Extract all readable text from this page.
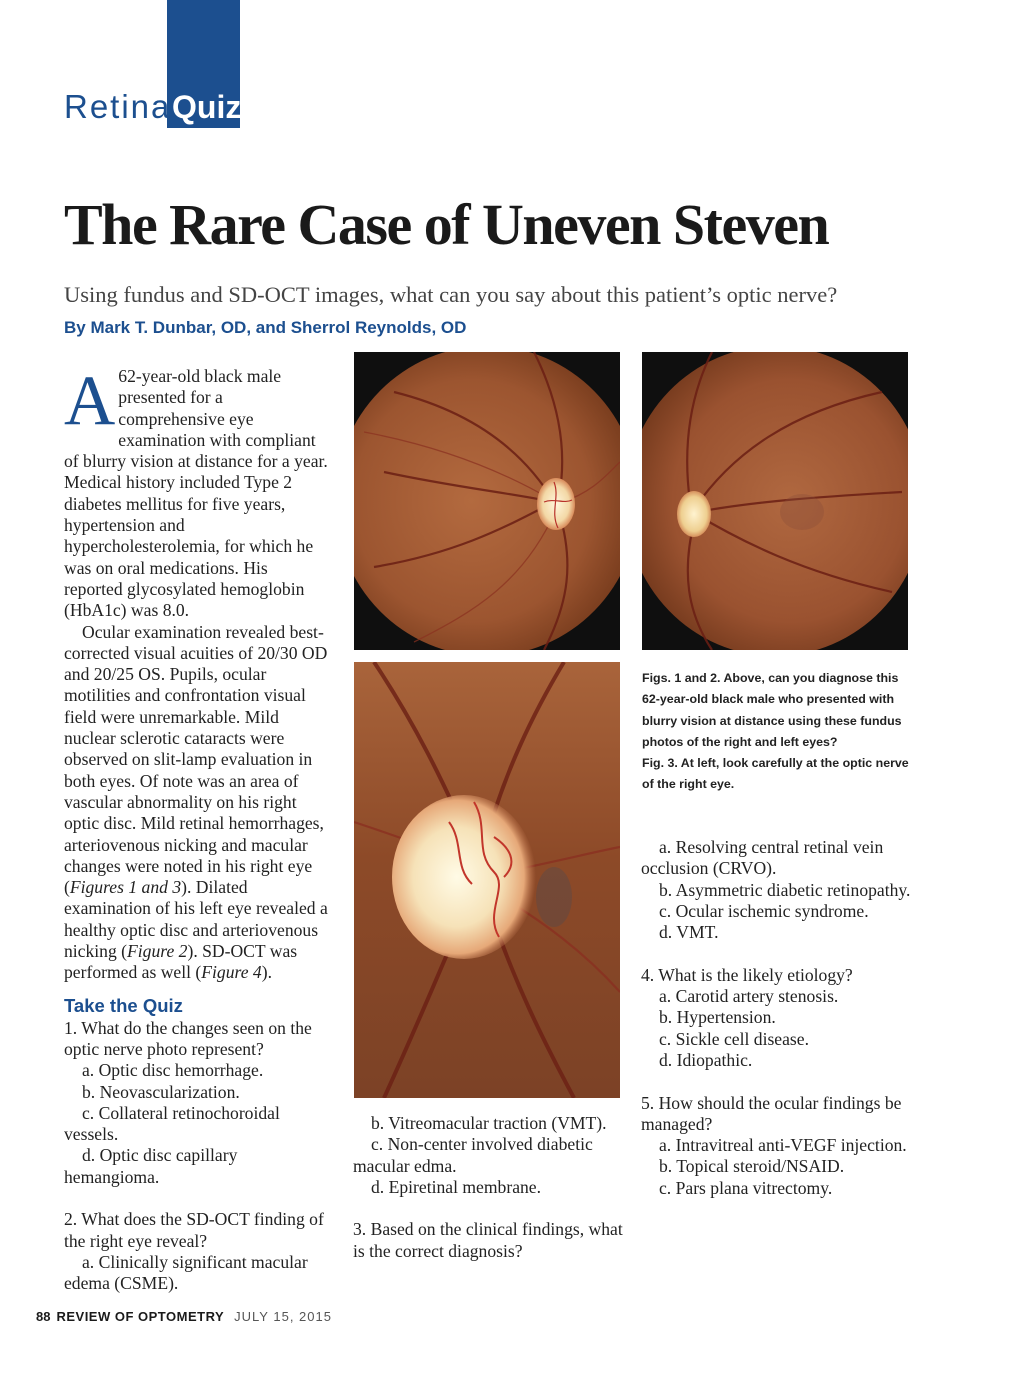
Retina Quiz
The Rare Case of Uneven Steven
Using fundus and SD-OCT images, what can you say about this patient’s optic nerve?
By Mark T. Dunbar, OD, and Sherrol Reynolds, OD

A 62-year-old black male presented for a comprehensive eye examination with compliant of blurry vision at distance for a year. Medical history included Type 2 diabetes mellitus for five years, hypertension and hypercholesterolemia, for which he was on oral medications. His reported glycosylated hemoglobin (HbA1c) was 8.0.

Ocular examination revealed best-corrected visual acuities of 20/30 OD and 20/25 OS. Pupils, ocular motilities and confrontation visual field were unremarkable. Mild nuclear sclerotic cataracts were observed on slit-lamp evaluation in both eyes. Of note was an area of vascular abnormality on his right optic disc. Mild retinal hemorrhages, arteriovenous nicking and macular changes were noted in his right eye (Figures 1 and 3). Dilated examination of his left eye revealed a healthy optic disc and arteriovenous nicking (Figure 2). SD-OCT was performed as well (Figure 4).

Take the Quiz

1. What do the changes seen on the optic nerve photo represent?

a. Optic disc hemorrhage.

b. Neovascularization.

c. Collateral retinochoroidal vessels.

d. Optic disc capillary hemangioma.

2. What does the SD-OCT finding of the right eye reveal?

a. Clinically significant macular edema (CSME).

b. Vitreomacular traction (VMT).

c. Non-center involved diabetic macular edma.

d. Epiretinal membrane.

3. Based on the clinical findings, what is the correct diagnosis?

a. Resolving central retinal vein occlusion (CRVO).

b. Asymmetric diabetic retinopathy.

c. Ocular ischemic syndrome.

d. VMT.

4. What is the likely etiology?

a. Carotid artery stenosis.

b. Hypertension.

c. Sickle cell disease.

d. Idiopathic.

5. How should the ocular findings be managed?

a. Intravitreal anti-VEGF injection.

b. Topical steroid/NSAID.

c. Pars plana vitrectomy.

Figs. 1 and 2. Above, can you diagnose this 62-year-old black male who presented with blurry vision at distance using these fundus photos of the right and left eyes?

Fig. 3. At left, look carefully at the optic nerve of the right eye.

88 REVIEW OF OPTOMETRY JULY 15, 2015
